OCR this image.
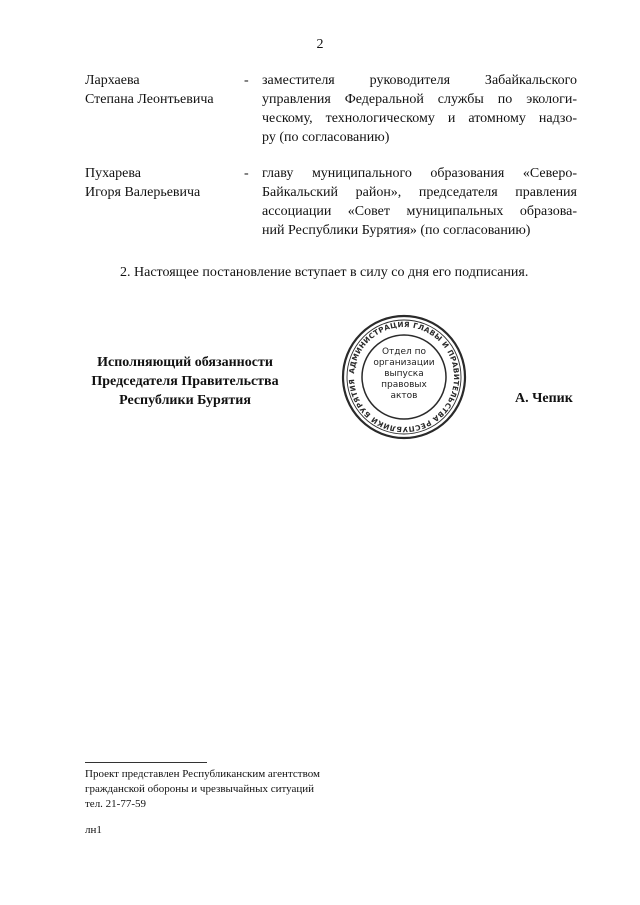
2
Лархаева
Степана Леонтьевича
- заместителя руководителя Забайкальского
управления Федеральной службы по экологи-
ческому, технологическому и атомному надзо-
ру (по согласованию)
Пухарева
Игоря Валерьевича
- главу муниципального образования «Северо-
Байкальский район», председателя правления
ассоциации «Совет муниципальных образова-
ний Республики Бурятия» (по согласованию)
2. Настоящее постановление вступает в силу со дня его подписания.
Исполняющий обязанности
Председателя Правительства
Республики Бурятия
АДМИНИСТРАЦИЯ ГЛАВЫ И ПРАВИТЕЛЬСТВА РЕСПУБЛИКИ БУРЯТИЯ
Отдел по
организации
выпуска
правовых
актов	А. Чепик
Проект представлен Республиканским агентством
гражданской обороны и чрезвычайных ситуаций
тел. 21-77-59
лн1
